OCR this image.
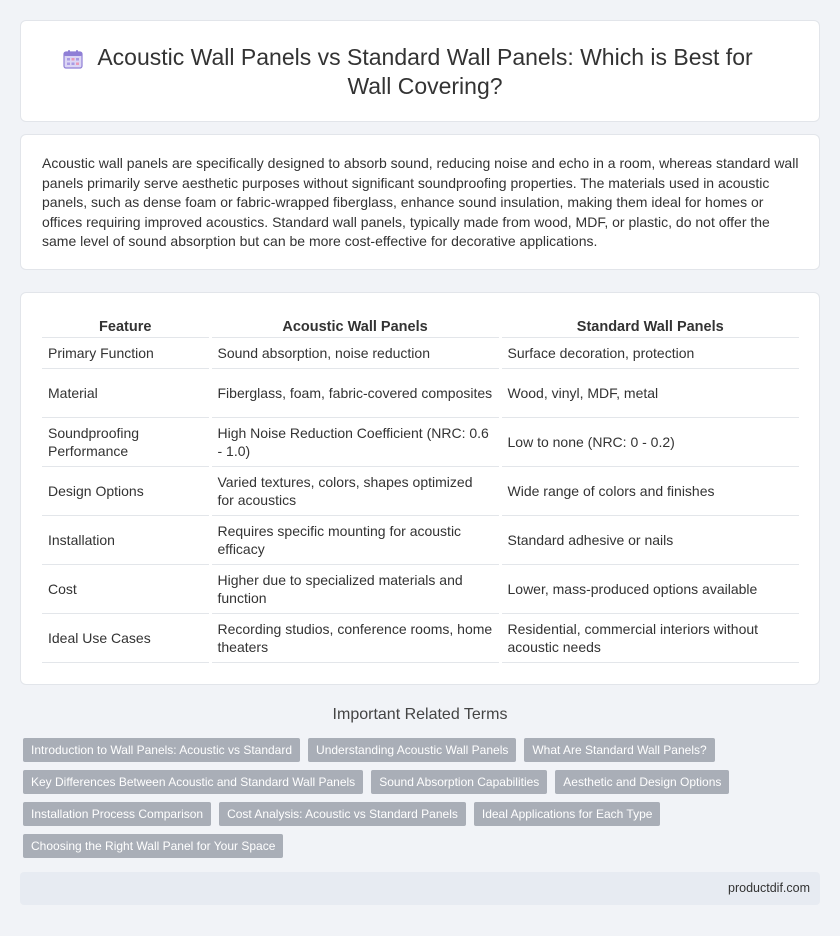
Acoustic Wall Panels vs Standard Wall Panels: Which is Best for
Wall Covering?

Acoustic wall panels are specifically designed to absorb sound, reducing noise and echo in a room, whereas standard wall panels primarily serve aesthetic purposes without significant soundproofing properties. The materials used in acoustic panels, such as dense foam or fabric-wrapped fiberglass, enhance sound insulation, making them ideal for homes or offices requiring improved acoustics. Standard wall panels, typically made from wood, MDF, or plastic, do not offer the same level of sound absorption but can be more cost-effective for decorative applications.

Feature	Acoustic Wall Panels	Standard Wall Panels
Primary Function	Sound absorption, noise reduction	Surface decoration, protection
Material	Fiberglass, foam, fabric-covered composites	Wood, vinyl, MDF, metal
Soundproofing Performance	High Noise Reduction Coefficient (NRC: 0.6 - 1.0)	Low to none (NRC: 0 - 0.2)
Design Options	Varied textures, colors, shapes optimized for acoustics	Wide range of colors and finishes
Installation	Requires specific mounting for acoustic efficacy	Standard adhesive or nails
Cost	Higher due to specialized materials and function	Lower, mass-produced options available
Ideal Use Cases	Recording studios, conference rooms, home theaters	Residential, commercial interiors without acoustic needs
Important Related Terms
Introduction to Wall Panels: Acoustic vs Standard	Understanding Acoustic Wall Panels	What Are Standard Wall Panels?
Key Differences Between Acoustic and Standard Wall Panels	Sound Absorption Capabilities	Aesthetic and Design Options
Installation Process Comparison	Cost Analysis: Acoustic vs Standard Panels	Ideal Applications for Each Type
Choosing the Right Wall Panel for Your Space
productdif.com
